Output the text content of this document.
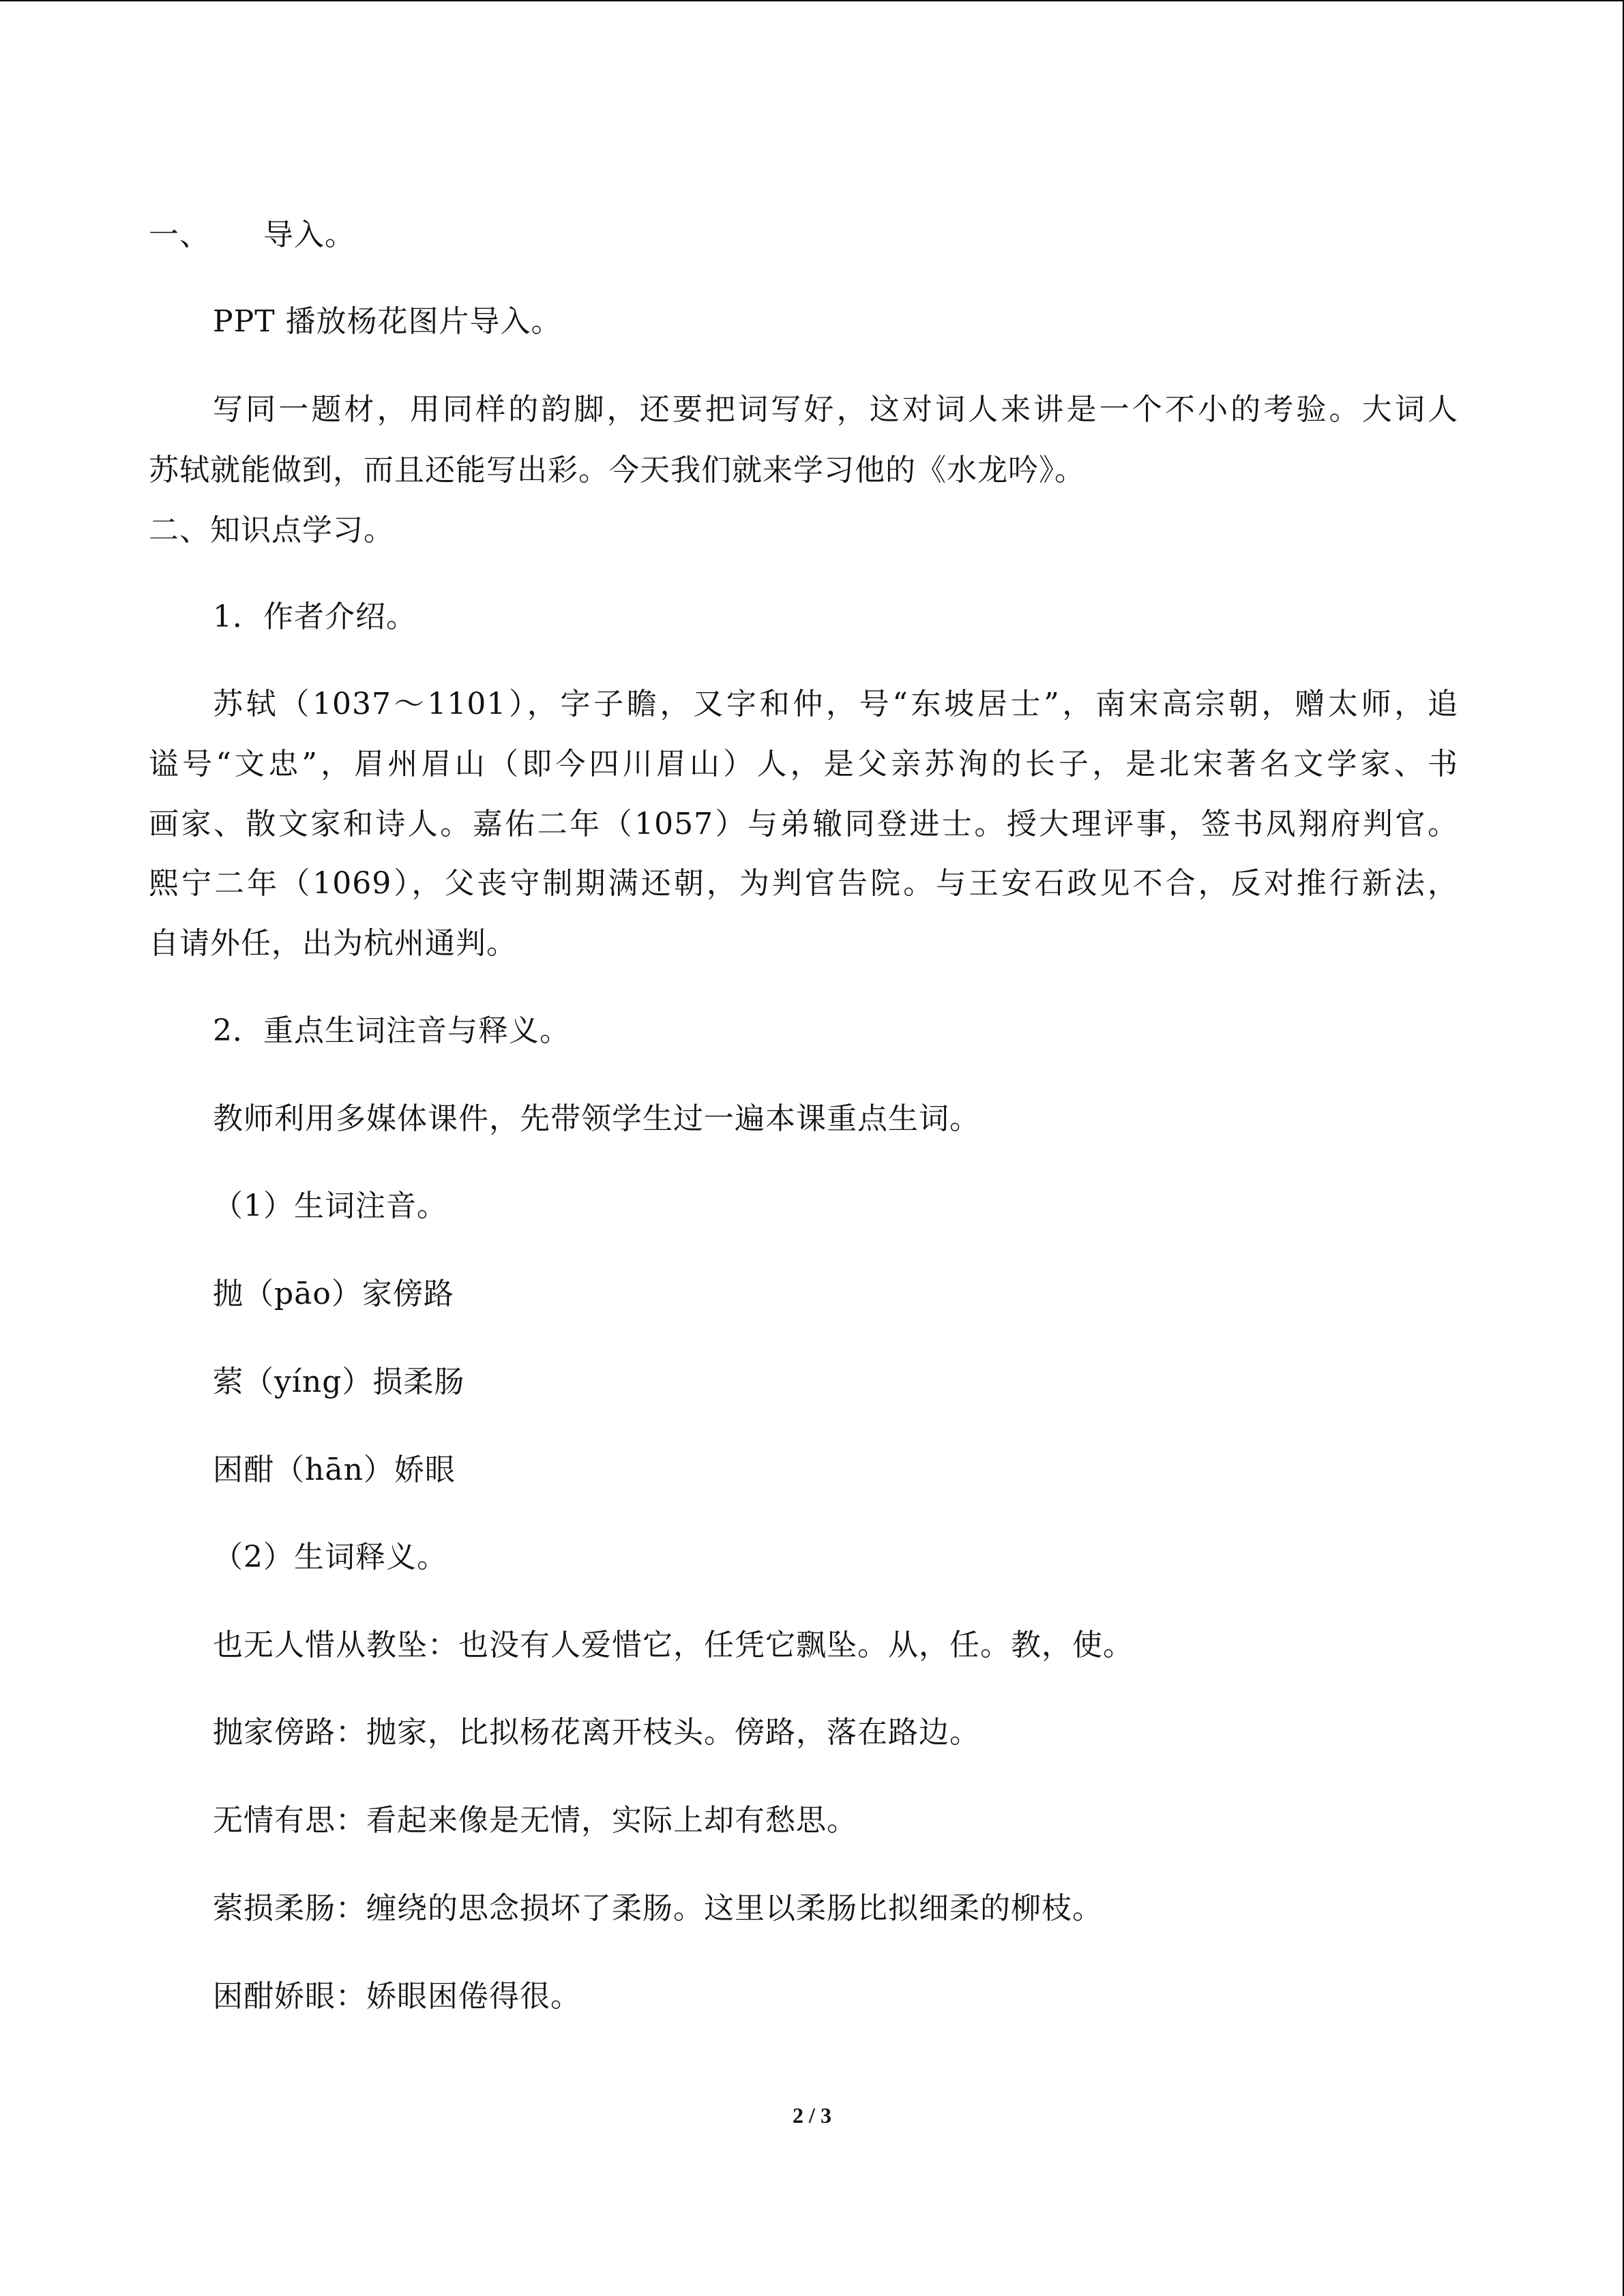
一、 导入。
PPT 播放杨花图片导入。
写同一题材，用同样的韵脚，还要把词写好，这对词人来讲是一个不小的考验。大词人
苏轼就能做到，而且还能写出彩。今天我们就来学习他的《水龙吟》。
二、知识点学习。
1．作者介绍。
苏轼（1037～1101），字子瞻，又字和仲，号“东坡居士”，南宋高宗朝，赠太师，追
谥号“文忠”，眉州眉山（即今四川眉山）人，是父亲苏洵的长子，是北宋著名文学家、书
画家、散文家和诗人。嘉佑二年（1057）与弟辙同登进士。授大理评事，签书凤翔府判官。
熙宁二年（1069），父丧守制期满还朝，为判官告院。与王安石政见不合，反对推行新法，
自请外任，出为杭州通判。
2．重点生词注音与释义。
教师利用多媒体课件，先带领学生过一遍本课重点生词。
（1）生词注音。
抛（pāo）家傍路
萦（yíng）损柔肠
困酣（hān）娇眼
（2）生词释义。
也无人惜从教坠：也没有人爱惜它，任凭它飘坠。从，任。教，使。
抛家傍路：抛家，比拟杨花离开枝头。傍路，落在路边。
无情有思：看起来像是无情，实际上却有愁思。
萦损柔肠：缠绕的思念损坏了柔肠。这里以柔肠比拟细柔的柳枝。
困酣娇眼：娇眼困倦得很。
2 / 3
